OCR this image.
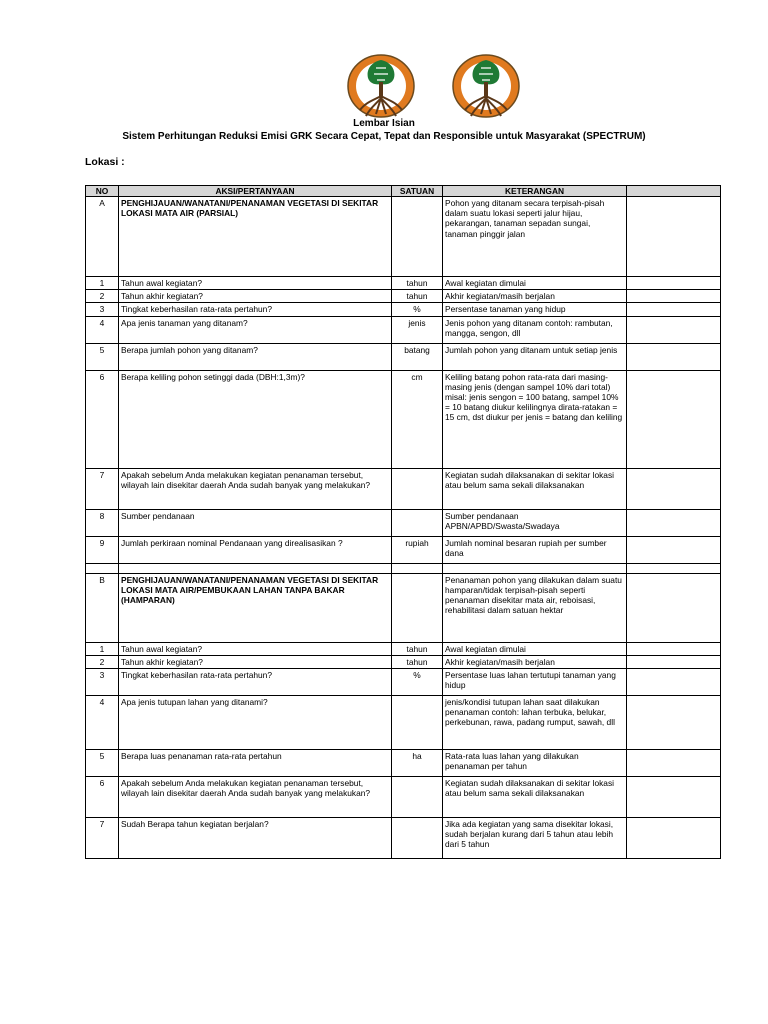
Lembar Isian
Sistem Perhitungan Reduksi Emisi GRK Secara Cepat, Tepat dan Responsible untuk Masyarakat (SPECTRUM)
Lokasi :
NO	AKSI/PERTANYAAN	SATUAN	KETERANGAN	
A	PENGHIJAUAN/WANATANI/PENANAMAN VEGETASI DI SEKITAR LOKASI MATA AIR (PARSIAL)		Pohon yang ditanam secara terpisah-pisah dalam suatu lokasi seperti jalur hijau, pekarangan, tanaman sepadan sungai, tanaman pinggir jalan	
1	Tahun awal kegiatan?	tahun	Awal kegiatan dimulai	
2	Tahun akhir kegiatan?	tahun	Akhir kegiatan/masih berjalan	
3	Tingkat keberhasilan rata-rata pertahun?	%	Persentase tanaman yang hidup	
4	Apa jenis tanaman yang ditanam?	jenis	Jenis pohon yang ditanam contoh: rambutan, mangga, sengon, dll	
5	Berapa jumlah pohon yang ditanam?	batang	Jumlah pohon yang ditanam untuk setiap jenis	
6	Berapa keliling pohon setinggi dada (DBH:1,3m)?	cm	Keliling batang pohon rata-rata dari masing-masing jenis (dengan sampel 10% dari total) misal: jenis sengon = 100 batang, sampel 10% = 10 batang diukur kelilingnya dirata-ratakan = 15 cm, dst diukur per jenis = batang dan keliling	
7	Apakah sebelum Anda melakukan kegiatan penanaman tersebut, wilayah lain disekitar daerah Anda sudah banyak yang melakukan?		Kegiatan sudah dilaksanakan di sekitar lokasi atau belum sama sekali dilaksanakan	
8	Sumber pendanaan		Sumber pendanaan APBN/APBD/Swasta/Swadaya	
9	Jumlah perkiraan nominal Pendanaan yang direalisasikan ?	rupiah	Jumlah nominal besaran rupiah per sumber dana	

B	PENGHIJAUAN/WANATANI/PENANAMAN VEGETASI DI SEKITAR LOKASI MATA AIR/PEMBUKAAN LAHAN TANPA BAKAR (HAMPARAN)		Penanaman pohon yang dilakukan dalam suatu hamparan/tidak terpisah-pisah seperti penanaman disekitar mata air, reboisasi, rehabilitasi dalam satuan hektar	
1	Tahun awal kegiatan?	tahun	Awal kegiatan dimulai	
2	Tahun akhir kegiatan?	tahun	Akhir kegiatan/masih berjalan	
3	Tingkat keberhasilan rata-rata pertahun?	%	Persentase luas lahan tertutupi tanaman yang hidup	
4	Apa jenis tutupan lahan yang ditanami?		jenis/kondisi tutupan lahan saat dilakukan penanaman contoh: lahan terbuka, belukar, perkebunan, rawa, padang rumput, sawah, dll	
5	Berapa luas penanaman rata-rata pertahun	ha	Rata-rata luas lahan yang dilakukan penanaman per tahun	
6	Apakah sebelum Anda melakukan kegiatan penanaman tersebut, wilayah lain disekitar daerah Anda sudah banyak yang melakukan?		Kegiatan sudah dilaksanakan di sekitar lokasi atau belum sama sekali dilaksanakan	
7	Sudah Berapa tahun kegiatan berjalan?		Jika ada kegiatan yang sama disekitar lokasi, sudah berjalan kurang dari 5 tahun atau lebih dari 5 tahun	
